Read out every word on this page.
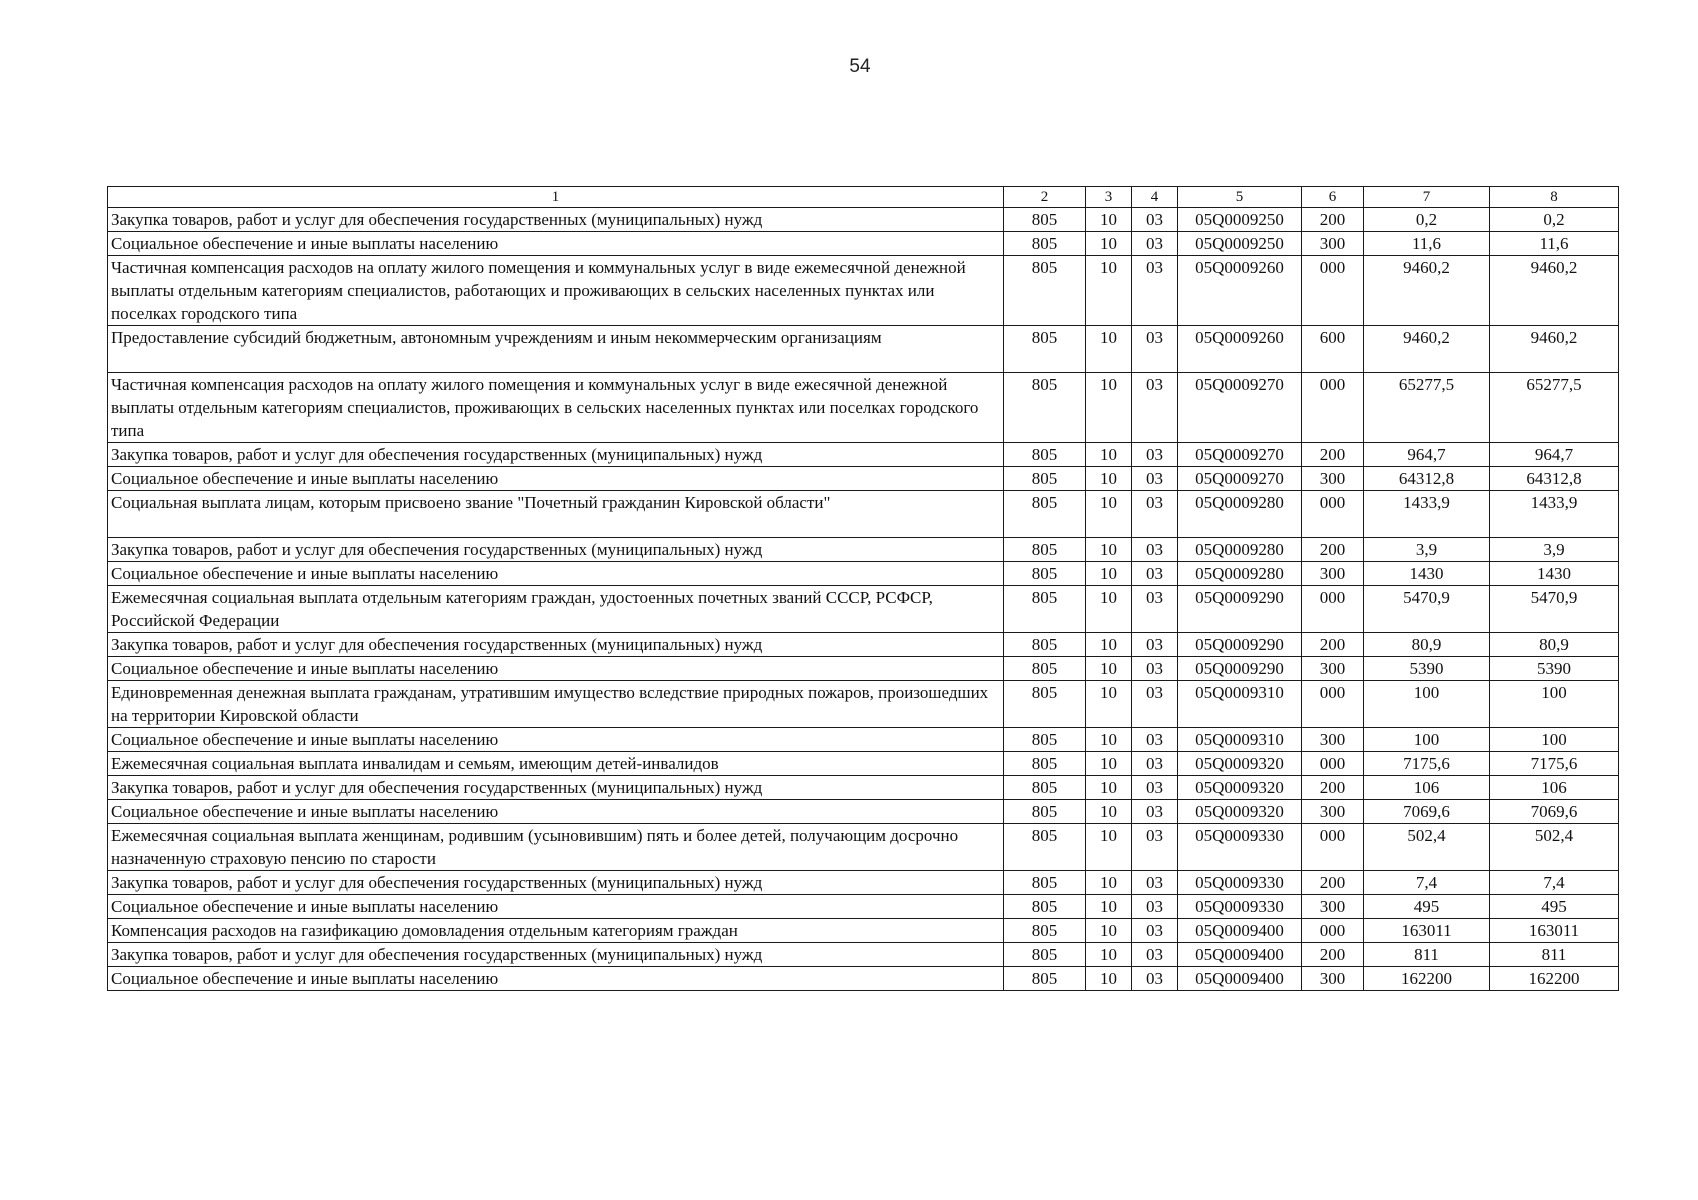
54
1	2	3	4	5	6	7	8
Закупка товаров, работ и услуг для обеспечения государственных (муниципальных) нужд	805	10	03	05Q0009250	200	0,2	0,2
Социальное обеспечение и иные выплаты населению	805	10	03	05Q0009250	300	11,6	11,6
Частичная компенсация расходов на оплату жилого помещения и коммунальных услуг в виде ежемесячной денежной выплаты отдельным категориям специалистов, работающих и проживающих в сельских населенных пунктах или поселках городского типа	805	10	03	05Q0009260	000	9460,2	9460,2
Предоставление субсидий бюджетным, автономным учреждениям и иным некоммерческим организациям	805	10	03	05Q0009260	600	9460,2	9460,2
Частичная компенсация расходов на оплату жилого помещения и коммунальных услуг в виде ежесячной денежной выплаты отдельным категориям специалистов, проживающих в сельских населенных пунктах или поселках городского типа	805	10	03	05Q0009270	000	65277,5	65277,5
Закупка товаров, работ и услуг для обеспечения государственных (муниципальных) нужд	805	10	03	05Q0009270	200	964,7	964,7
Социальное обеспечение и иные выплаты населению	805	10	03	05Q0009270	300	64312,8	64312,8
Социальная выплата лицам, которым присвоено звание "Почетный гражданин Кировской области"	805	10	03	05Q0009280	000	1433,9	1433,9
Закупка товаров, работ и услуг для обеспечения государственных (муниципальных) нужд	805	10	03	05Q0009280	200	3,9	3,9
Социальное обеспечение и иные выплаты населению	805	10	03	05Q0009280	300	1430	1430
Ежемесячная социальная выплата отдельным категориям граждан, удостоенных почетных званий СССР, РСФСР, Российской Федерации	805	10	03	05Q0009290	000	5470,9	5470,9
Закупка товаров, работ и услуг для обеспечения государственных (муниципальных) нужд	805	10	03	05Q0009290	200	80,9	80,9
Социальное обеспечение и иные выплаты населению	805	10	03	05Q0009290	300	5390	5390
Единовременная денежная выплата гражданам, утратившим имущество вследствие природных пожаров, произошедших на территории Кировской области	805	10	03	05Q0009310	000	100	100
Социальное обеспечение и иные выплаты населению	805	10	03	05Q0009310	300	100	100
Ежемесячная социальная выплата инвалидам и семьям, имеющим детей-инвалидов	805	10	03	05Q0009320	000	7175,6	7175,6
Закупка товаров, работ и услуг для обеспечения государственных (муниципальных) нужд	805	10	03	05Q0009320	200	106	106
Социальное обеспечение и иные выплаты населению	805	10	03	05Q0009320	300	7069,6	7069,6
Ежемесячная социальная выплата женщинам, родившим (усыновившим) пять и более детей, получающим досрочно назначенную страховую пенсию по старости	805	10	03	05Q0009330	000	502,4	502,4
Закупка товаров, работ и услуг для обеспечения государственных (муниципальных) нужд	805	10	03	05Q0009330	200	7,4	7,4
Социальное обеспечение и иные выплаты населению	805	10	03	05Q0009330	300	495	495
Компенсация расходов на газификацию домовладения отдельным категориям граждан	805	10	03	05Q0009400	000	163011	163011
Закупка товаров, работ и услуг для обеспечения государственных (муниципальных) нужд	805	10	03	05Q0009400	200	811	811
Социальное обеспечение и иные выплаты населению	805	10	03	05Q0009400	300	162200	162200
